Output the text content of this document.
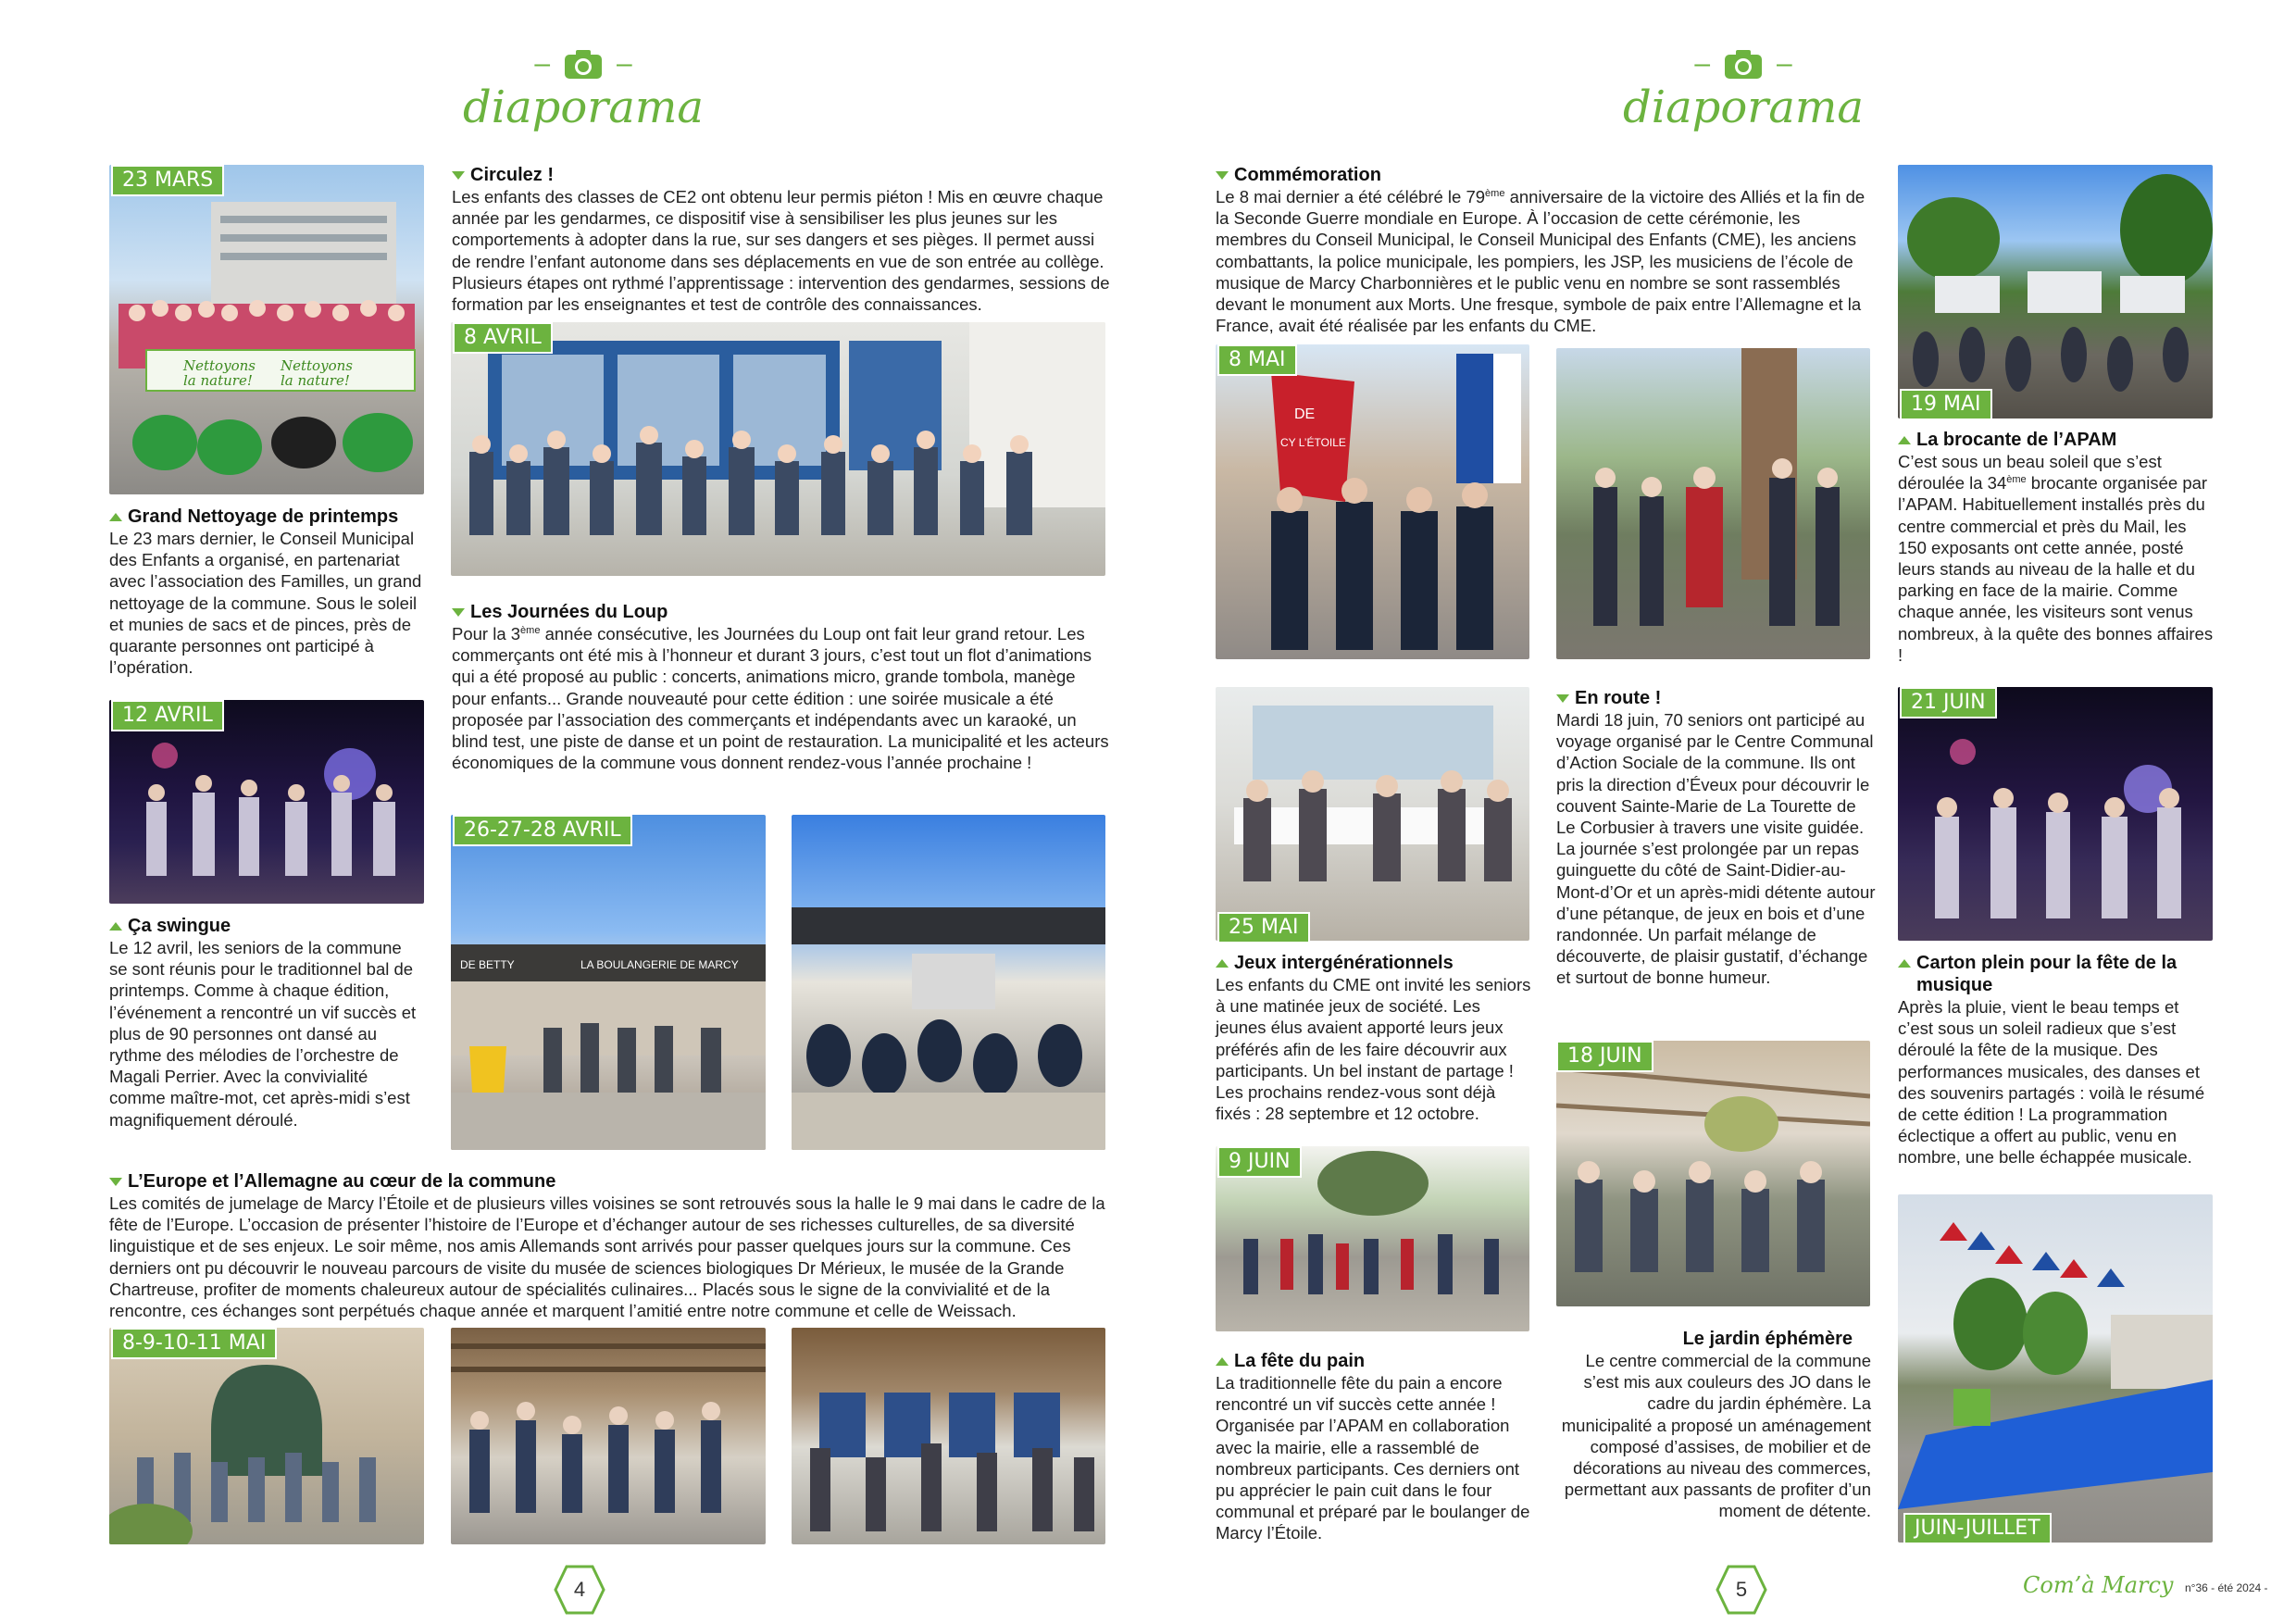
– –
diaporama
– –
diaporama
Nettoyons
la nature!
Nettoyons
la nature!
23 MARS
8 AVRIL
12 AVRIL
DE BETTY	LA BOULANGERIE DE MARCY
26-27-28 AVRIL
8-9-10-11 MAI
Circulez !

Les enfants des classes de CE2 ont obtenu leur permis piéton ! Mis en œuvre chaque année par les gendarmes, ce dispositif vise à sensibiliser les plus jeunes sur les comportements à adopter dans la rue, sur ses dangers et ses pièges. Il permet aussi de rendre l’enfant autonome dans ses déplacements en vue de son entrée au collège. Plusieurs étapes ont rythmé l’apprentissage : intervention des gendarmes, sessions de formation par les enseignantes et test de contrôle des connaissances.

Grand Nettoyage de printemps

Le 23 mars dernier, le Conseil Municipal des Enfants a organisé, en partenariat avec l’association des Familles, un grand nettoyage de la commune. Sous le soleil et munies de sacs et de pinces, près de quarante personnes ont participé à l’opération.

Les Journées du Loup

Pour la 3ème année consécutive, les Journées du Loup ont fait leur grand retour. Les commerçants ont été mis à l’honneur et durant 3 jours, c’est tout un flot d’animations qui a été proposé au public : concerts, animations micro, grande tombola, manège pour enfants... Grande nouveauté pour cette édition : une soirée musicale a été proposée par l’association des commerçants et indépendants avec un karaoké, un blind test, une piste de danse et un point de restauration. La municipalité et les acteurs économiques de la commune vous donnent rendez-vous l’année prochaine !

Ça swingue

Le 12 avril, les seniors de la commune se sont réunis pour le traditionnel bal de printemps. Comme à chaque édition, l’événement a rencontré un vif succès et plus de 90 personnes ont dansé au rythme des mélodies de l’orchestre de Magali Perrier. Avec la convivialité comme maître-mot, cet après-midi s’est magnifiquement déroulé.

L’Europe et l’Allemagne au cœur de la commune

Les comités de jumelage de Marcy l’Étoile et de plusieurs villes voisines se sont retrouvés sous la halle le 9 mai dans le cadre de la fête de l’Europe. L’occasion de présenter l’histoire de l’Europe et d’échanger autour de ses richesses culturelles, de sa diversité linguistique et de ses enjeux. Le soir même, nos amis Allemands sont arrivés pour passer quelques jours sur la commune. Ces derniers ont pu découvrir le nouveau parcours de visite du musée de sciences biologiques Dr Mérieux, le musée de la Grande Chartreuse, profiter de moments chaleureux autour de spécialités culinaires... Placés sous le signe de la convivialité et de la rencontre, ces échanges sont perpétués chaque année et marquent l’amitié entre notre commune et celle de Weissach.

4
DE
CY L’ÉTOILE
8 MAI
19 MAI
25 MAI
21 JUIN
9 JUIN
18 JUIN
JUIN-JUILLET
Commémoration

Le 8 mai dernier a été célébré le 79ème anniversaire de la victoire des Alliés et la fin de la Seconde Guerre mondiale en Europe. À l’occasion de cette cérémonie, les membres du Conseil Municipal, le Conseil Municipal des Enfants (CME), les anciens combattants, la police municipale, les pompiers, les JSP, les musiciens de l’école de musique de Marcy Charbonnières et le public venu en nombre se sont rassemblés devant le monument aux Morts. Une fresque, symbole de paix entre l’Allemagne et la France, avait été réalisée par les enfants du CME.

La brocante de l’APAM

C’est sous un beau soleil que s’est déroulée la 34ème brocante organisée par l’APAM. Habituellement installés près du centre commercial et près du Mail, les 150 exposants ont cette année, posté leurs stands au niveau de la halle et du parking en face de la mairie. Comme chaque année, les visiteurs sont venus nombreux, à la quête des bonnes affaires !

En route !

Mardi 18 juin, 70 seniors ont participé au voyage organisé par le Centre Communal d’Action Sociale de la commune. Ils ont pris la direction d’Éveux pour découvrir le couvent Sainte-Marie de La Tourette de Le Corbusier à travers une visite guidée. La journée s’est prolongée par un repas guinguette du côté de Saint-Didier-au-Mont-d’Or et un après-midi détente autour d’une pétanque, de jeux en bois et d’une randonnée. Un parfait mélange de découverte, de plaisir gustatif, d’échange et surtout de bonne humeur.

Jeux intergénérationnels

Les enfants du CME ont invité les seniors à une matinée jeux de société. Les jeunes élus avaient apporté leurs jeux préférés afin de les faire découvrir aux participants. Un bel instant de partage ! Les prochains rendez-vous sont déjà fixés : 28 septembre et 12 octobre.

Carton plein pour la fête de la musique

Après la pluie, vient le beau temps et c’est sous un soleil radieux que s’est déroulé la fête de la musique. Des performances musicales, des danses et des souvenirs partagés : voilà le résumé de cette édition ! La programmation éclectique a offert au public, venu en nombre, une belle échappée musicale.

La fête du pain

La traditionnelle fête du pain a encore rencontré un vif succès cette année ! Organisée par l’APAM en collaboration avec la mairie, elle a rassemblé de nombreux participants. Ces derniers ont pu apprécier le pain cuit dans le four communal et préparé par le boulanger de Marcy l’Étoile.

Le jardin éphémère

Le centre commercial de la commune s’est mis aux couleurs des JO dans le cadre du jardin éphémère. La municipalité a proposé un aménagement composé d’assises, de mobilier et de décorations au niveau des commerces, permettant aux passants de profiter d’un moment de détente.

5	Com’à Marcy n°36 - été 2024 -
